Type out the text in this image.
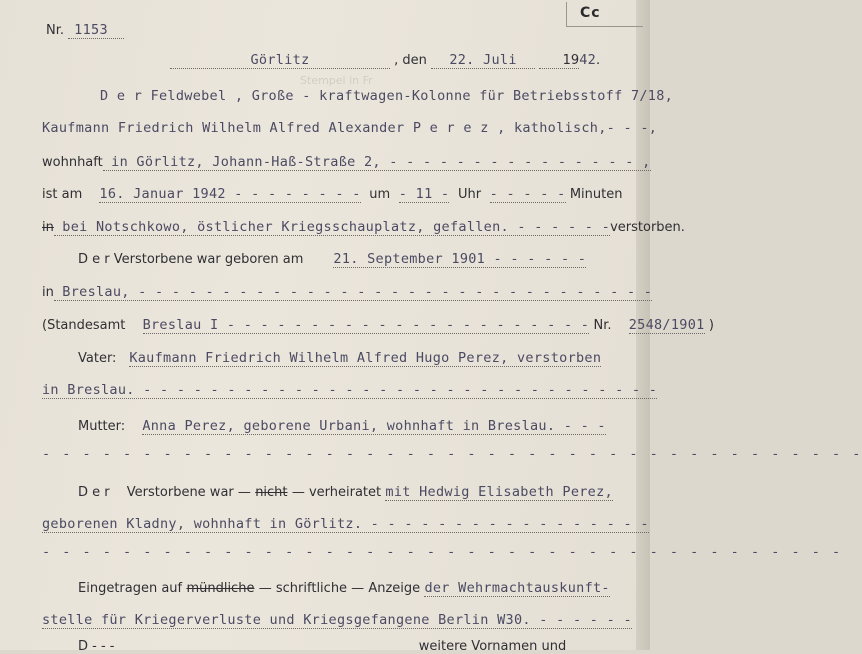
Cc
Stempel in Fr
Nr. 1153
Görlitz	, den 22. Juli	1942.
D e r Feldwebel , Große - kraftwagen-Kolonne für Betriebsstoff 7/18,
Kaufmann Friedrich Wilhelm Alfred Alexander P e r e z , katholisch,- - -,
wohnhaft in Görlitz, Johann-Haß-Straße 2, - - - - - - - - - - - - - - - ,
ist am 16. Januar 1942 - - - - - - - - um - 11 - Uhr - - - - - Minuten
in bei Notschkowo, östlicher Kriegsschauplatz, gefallen. - - - - - -verstorben.
D e r Verstorbene war geboren am 21. September 1901 - - - - - -
in Breslau, - - - - - - - - - - - - - - - - - - - - - - - - - - - - - - -
(Standesamt Breslau I - - - - - - - - - - - - - - - - - - - - - - Nr. 2548/1901 )
Vater: Kaufmann Friedrich Wilhelm Alfred Hugo Perez, verstorben
in Breslau. - - - - - - - - - - - - - - - - - - - - - - - - - - - - - - -
Mutter: Anna Perez, geborene Urbani, wohnhaft in Breslau. - - -
- - - - - - - - - - - - - - - - - - - - - - - - - - - - - - - - - - - - - - - - -
D e r Verstorbene war — nicht — verheiratet mit Hedwig Elisabeth Perez,
geborenen Kladny, wohnhaft in Görlitz. - - - - - - - - - - - - - - - - -
- - - - - - - - - - - - - - - - - - - - - - - - - - - - - - - - - - - - - - - -
Eingetragen auf mündliche — schriftliche — Anzeige der Wehrmachtauskunft-
stelle für Kriegerverluste und Kriegsgefangene Berlin W30. - - - - - -
D - - -	weitere Vornamen und
